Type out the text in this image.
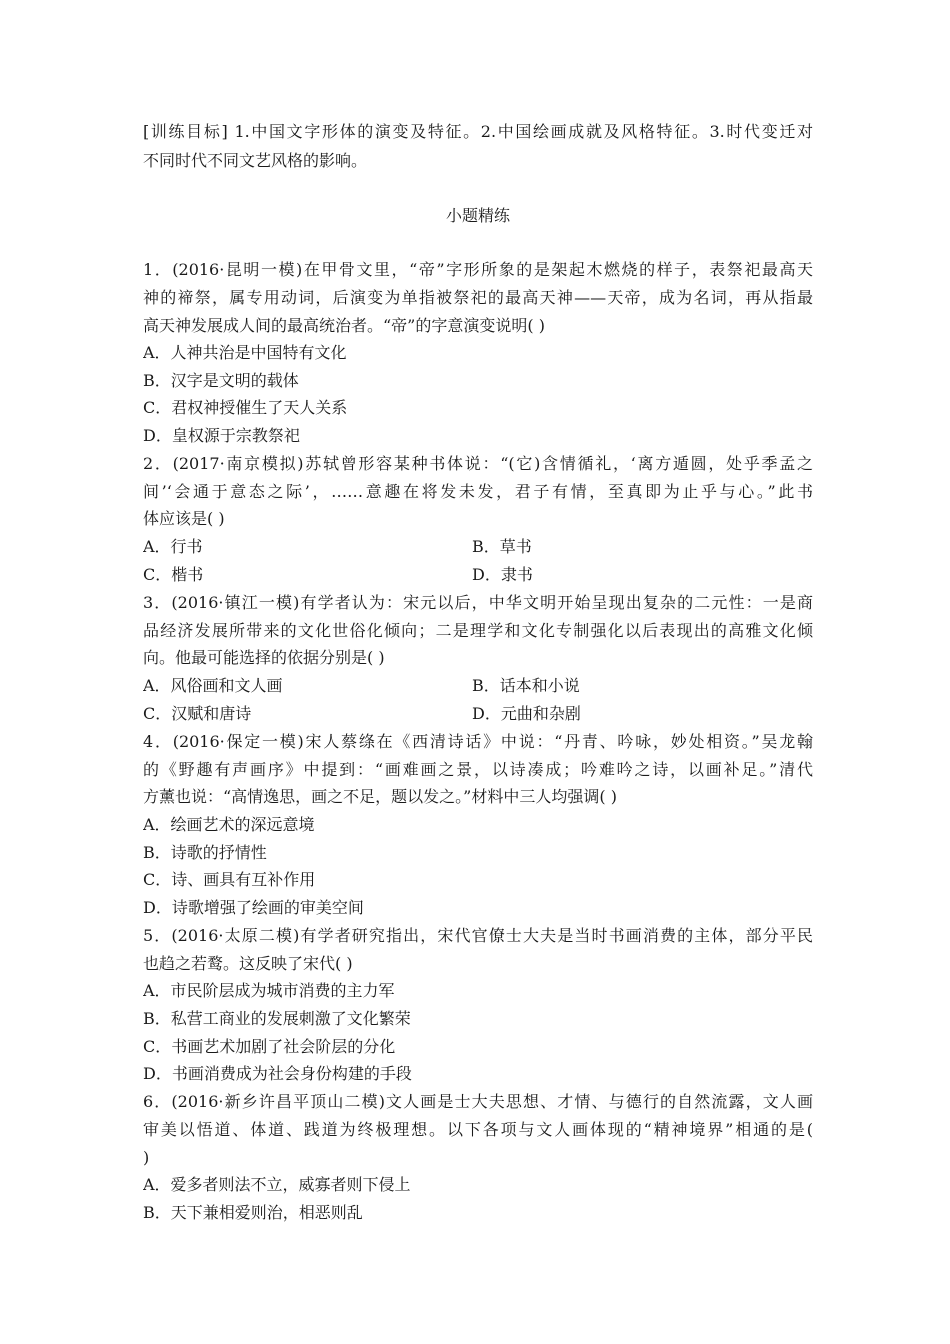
[训练目标] 1.中国文字形体的演变及特征。2.中国绘画成就及风格特征。3.时代变迁对
不同时代不同文艺风格的影响。
小题精练
1．(2016·昆明一模)在甲骨文里，“帝”字形所象的是架起木燃烧的样子，表祭祀最高天
神的禘祭，属专用动词，后演变为单指被祭祀的最高天神——天帝，成为名词，再从指最
高天神发展成人间的最高统治者。“帝”的字意演变说明( )
A．人神共治是中国特有文化
B．汉字是文明的载体
C．君权神授催生了天人关系
D．皇权源于宗教祭祀
2．(2017·南京模拟)苏轼曾形容某种书体说：“(它)含情循礼，‘离方遁圆，处乎季孟之
间’‘会通于意态之际’，……意趣在将发未发，君子有情，至真即为止乎与心。”此书
体应该是( )
A．行书	B．草书
C．楷书	D．隶书
3．(2016·镇江一模)有学者认为：宋元以后，中华文明开始呈现出复杂的二元性：一是商
品经济发展所带来的文化世俗化倾向；二是理学和文化专制强化以后表现出的高雅文化倾
向。他最可能选择的依据分别是( )
A．风俗画和文人画	B．话本和小说
C．汉赋和唐诗	D．元曲和杂剧
4．(2016·保定一模)宋人蔡绦在《西清诗话》中说：“丹青、吟咏，妙处相资。”吴龙翰
的《野趣有声画序》中提到：“画难画之景，以诗凑成；吟难吟之诗，以画补足。”清代
方薰也说：“高情逸思，画之不足，题以发之。”材料中三人均强调( )
A．绘画艺术的深远意境
B．诗歌的抒情性
C．诗、画具有互补作用
D．诗歌增强了绘画的审美空间
5．(2016·太原二模)有学者研究指出，宋代官僚士大夫是当时书画消费的主体，部分平民
也趋之若鹜。这反映了宋代( )
A．市民阶层成为城市消费的主力军
B．私营工商业的发展刺激了文化繁荣
C．书画艺术加剧了社会阶层的分化
D．书画消费成为社会身份构建的手段
6．(2016·新乡许昌平顶山二模)文人画是士大夫思想、才情、与德行的自然流露，文人画
审美以悟道、体道、践道为终极理想。以下各项与文人画体现的“精神境界”相通的是(
)
A．爱多者则法不立，威寡者则下侵上
B．天下兼相爱则治，相恶则乱
